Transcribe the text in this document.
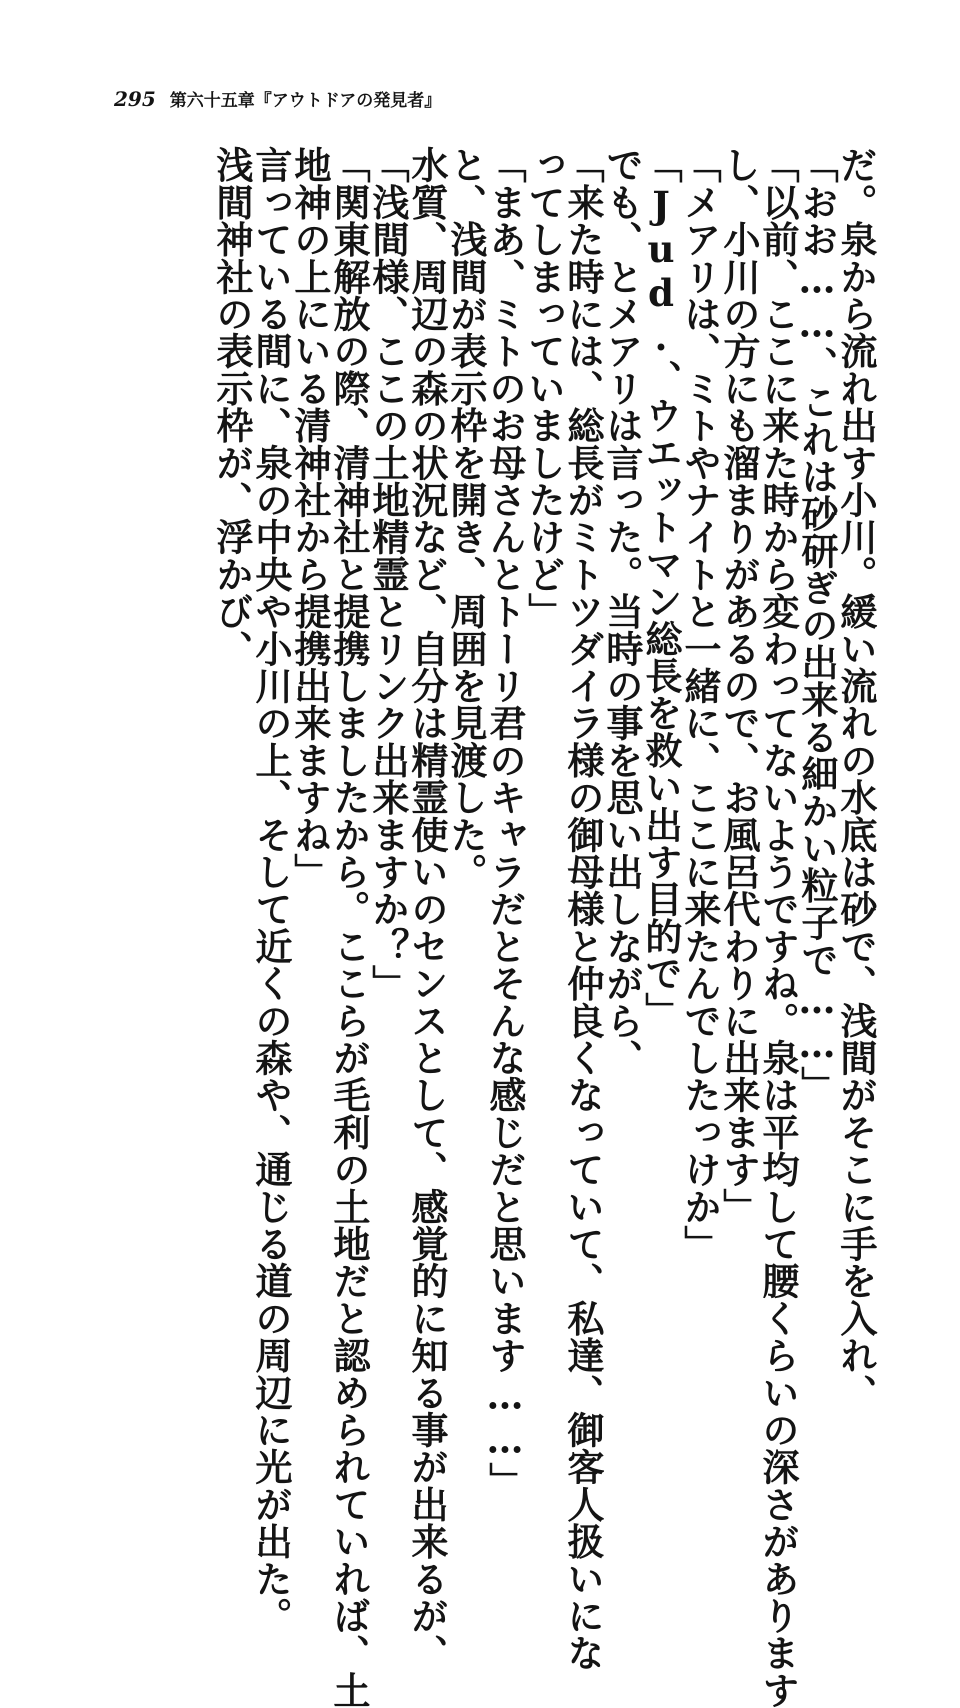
295 第六十五章『アウトドアの発見者』
だ。泉から流れ出す小川。緩い流れの水底は砂で、浅間がそこに手を入れ、
「おお……、これは砂研ぎの出来る細かい粒子で……」
「以前、ここに来た時から変わってないようですね。泉は平均して腰くらいの深さがあります
し、小川の方にも溜まりがあるので、お風呂代わりに出来ます」
「メアリは、ミトやナイトと一緒に、ここに来たんでしたっけか」
「Jud.、ウエットマン総長を救い出す目的で」
でも、とメアリは言った。当時の事を思い出しながら、
「来た時には、総長がミトツダイラ様の御母様と仲良くなっていて、私達、御客人扱いにな
ってしまっていましたけど」
「まあ、ミトのお母さんとトーリ君のキャラだとそんな感じだと思います……」
と、浅間が表示枠を開き、周囲を見渡した。
水質、周辺の森の状況など、自分は精霊使いのセンスとして、感覚的に知る事が出来るが、
「浅間様、ここの土地精霊とリンク出来ますか？」
「関東解放の際、清神社と提携しましたから。ここらが毛利の土地だと認められていれば、土
地神の上にいる清神社から提携出来ますね」
言っている間に、泉の中央や小川の上、そして近くの森や、通じる道の周辺に光が出た。
浅間神社の表示枠が、浮かび、
